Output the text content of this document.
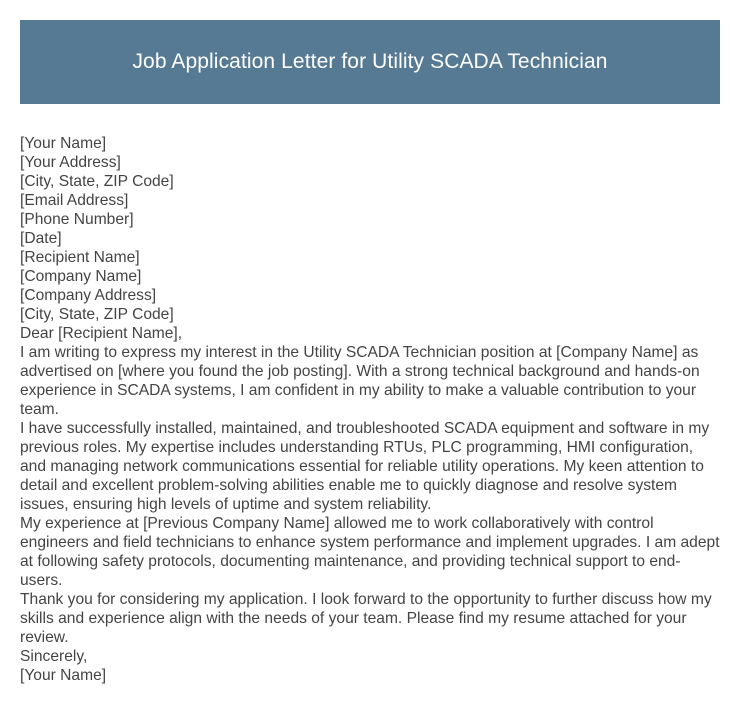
Job Application Letter for Utility SCADA Technician
[Your Name]
[Your Address]
[City, State, ZIP Code]
[Email Address]
[Phone Number]
[Date]
[Recipient Name]
[Company Name]
[Company Address]
[City, State, ZIP Code]
Dear [Recipient Name],
I am writing to express my interest in the Utility SCADA Technician position at [Company Name] as advertised on [where you found the job posting]. With a strong technical background and hands-on experience in SCADA systems, I am confident in my ability to make a valuable contribution to your team.
I have successfully installed, maintained, and troubleshooted SCADA equipment and software in my previous roles. My expertise includes understanding RTUs, PLC programming, HMI configuration, and managing network communications essential for reliable utility operations. My keen attention to detail and excellent problem-solving abilities enable me to quickly diagnose and resolve system issues, ensuring high levels of uptime and system reliability.
My experience at [Previous Company Name] allowed me to work collaboratively with control engineers and field technicians to enhance system performance and implement upgrades. I am adept at following safety protocols, documenting maintenance, and providing technical support to end-users.
Thank you for considering my application. I look forward to the opportunity to further discuss how my skills and experience align with the needs of your team. Please find my resume attached for your review.
Sincerely,
[Your Name]
